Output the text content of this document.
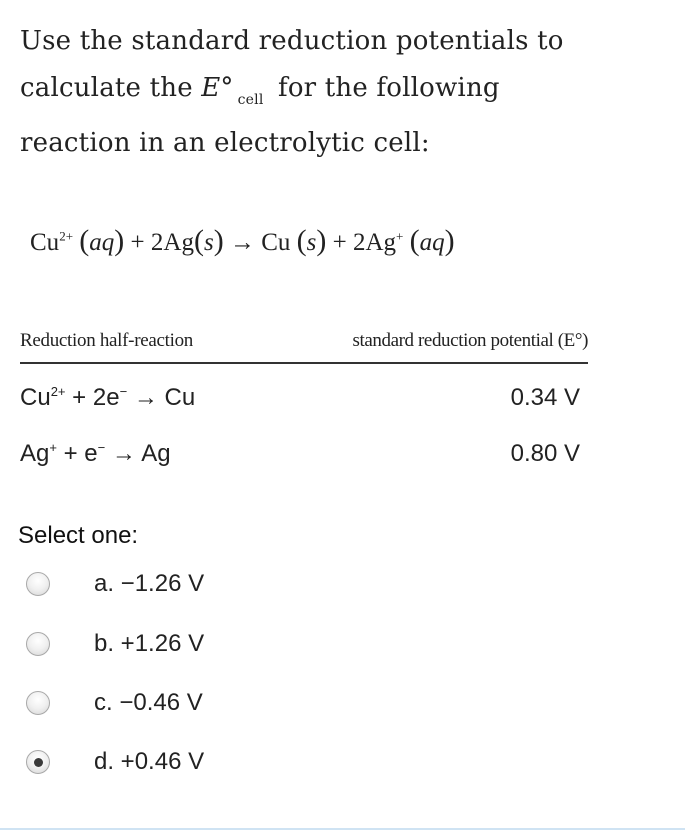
Use the standard reduction potentials to
calculate the E° $_{cell}$ for the following
reaction in an electrolytic cell:
$Cu^{2+}$ (aq) + 2Ag(s) → Cu (s) + 2Ag+ (aq)
Reduction half-reaction	standard reduction potential (E°)
$Cu^{2+} + 2e^- \to Cu$	0.34 V
Ag+ + e− → Ag	0.80 V
Select one:
a. −1.26 V
b. +1.26 V
c. −0.46 V
d. +0.46 V
